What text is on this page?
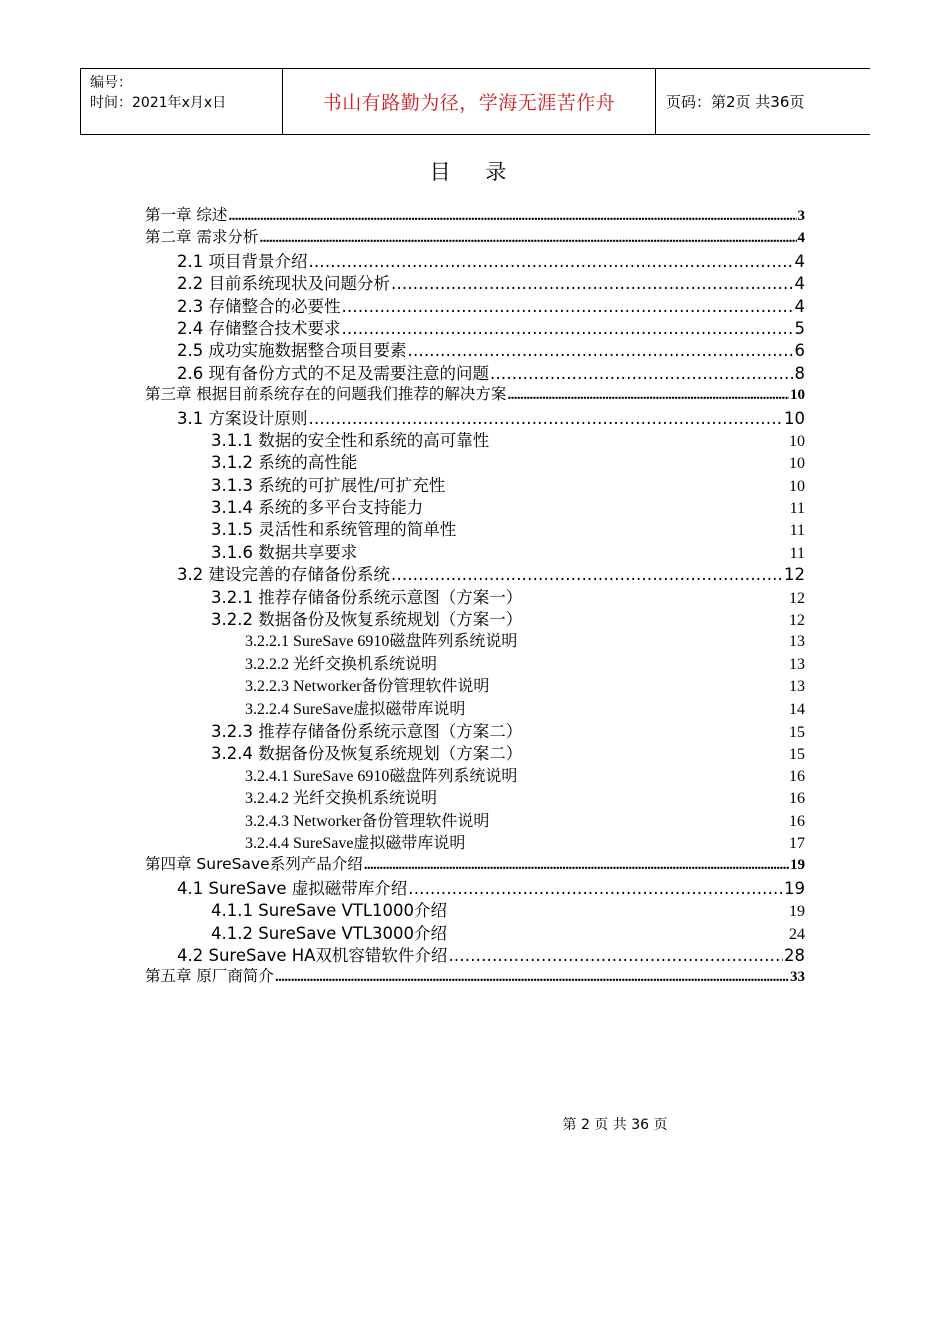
编号：
时间：2021年x月x日	书山有路勤为径，学海无涯苦作舟	页码：第2页 共36页
目 录
第一章 综述 .....	3
第二章 需求分析 .....	4
2.1 项目背景介绍 .....	4
2.2 目前系统现状及问题分析 .....	4
2.3 存储整合的必要性 .....	4
2.4 存储整合技术要求 .....	5
2.5 成功实施数据整合项目要素 .....	6
2.6 现有备份方式的不足及需要注意的问题 .....	8
第三章 根据目前系统存在的问题我们推荐的解决方案 .....	10
3.1 方案设计原则 .....	10
3.1.1 数据的安全性和系统的高可靠性	10
3.1.2 系统的高性能	10
3.1.3 系统的可扩展性/可扩充性	10
3.1.4 系统的多平台支持能力	11
3.1.5 灵活性和系统管理的简单性	11
3.1.6 数据共享要求	11
3.2 建设完善的存储备份系统 .....	12
3.2.1 推荐存储备份系统示意图（方案一）	12
3.2.2 数据备份及恢复系统规划（方案一）	12
3.2.2.1 SureSave 6910磁盘阵列系统说明	13
3.2.2.2 光纤交换机系统说明	13
3.2.2.3 Networker备份管理软件说明	13
3.2.2.4 SureSave虚拟磁带库说明	14
3.2.3 推荐存储备份系统示意图（方案二）	15
3.2.4 数据备份及恢复系统规划（方案二）	15
3.2.4.1 SureSave 6910磁盘阵列系统说明	16
3.2.4.2 光纤交换机系统说明	16
3.2.4.3 Networker备份管理软件说明	16
3.2.4.4 SureSave虚拟磁带库说明	17
第四章 SureSave系列产品介绍 .....	19
4.1 SureSave 虚拟磁带库介绍 .....	19
4.1.1 SureSave VTL1000介绍	19
4.1.2 SureSave VTL3000介绍	24
4.2 SureSave HA双机容错软件介绍 .....	28
第五章 原厂商简介 .....	33
第 2 页 共 36 页
